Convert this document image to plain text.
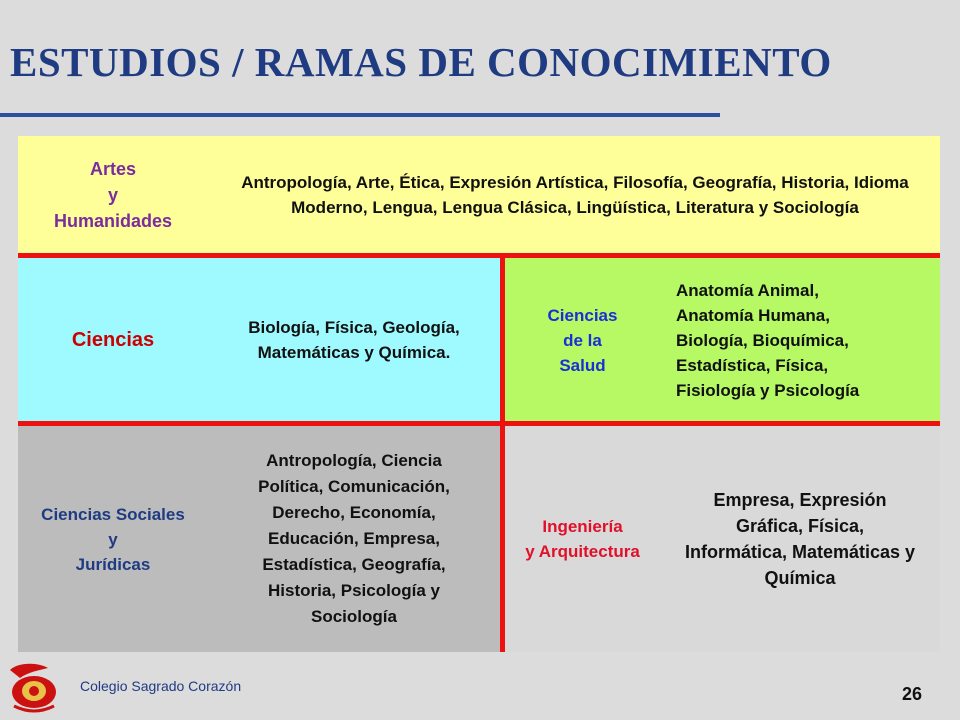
ESTUDIOS / RAMAS DE CONOCIMIENTO
Artes
y
Humanidades
Antropología, Arte, Ética, Expresión Artística, Filosofía, Geografía, Historia, Idioma Moderno, Lengua, Lengua Clásica, Lingüística, Literatura y Sociología
Ciencias
Biología, Física, Geología,
Matemáticas y Química.
Ciencias
de la
Salud
Anatomía Animal,
Anatomía Humana,
Biología, Bioquímica,
Estadística, Física,
Fisiología y Psicología
Ciencias Sociales
y
Jurídicas
Antropología, Ciencia
Política, Comunicación,
Derecho, Economía,
Educación, Empresa,
Estadística, Geografía,
Historia, Psicología y
Sociología
Ingeniería
y Arquitectura
Empresa, Expresión
Gráfica, Física,
Informática, Matemáticas y
Química
Colegio Sagrado Corazón	26
